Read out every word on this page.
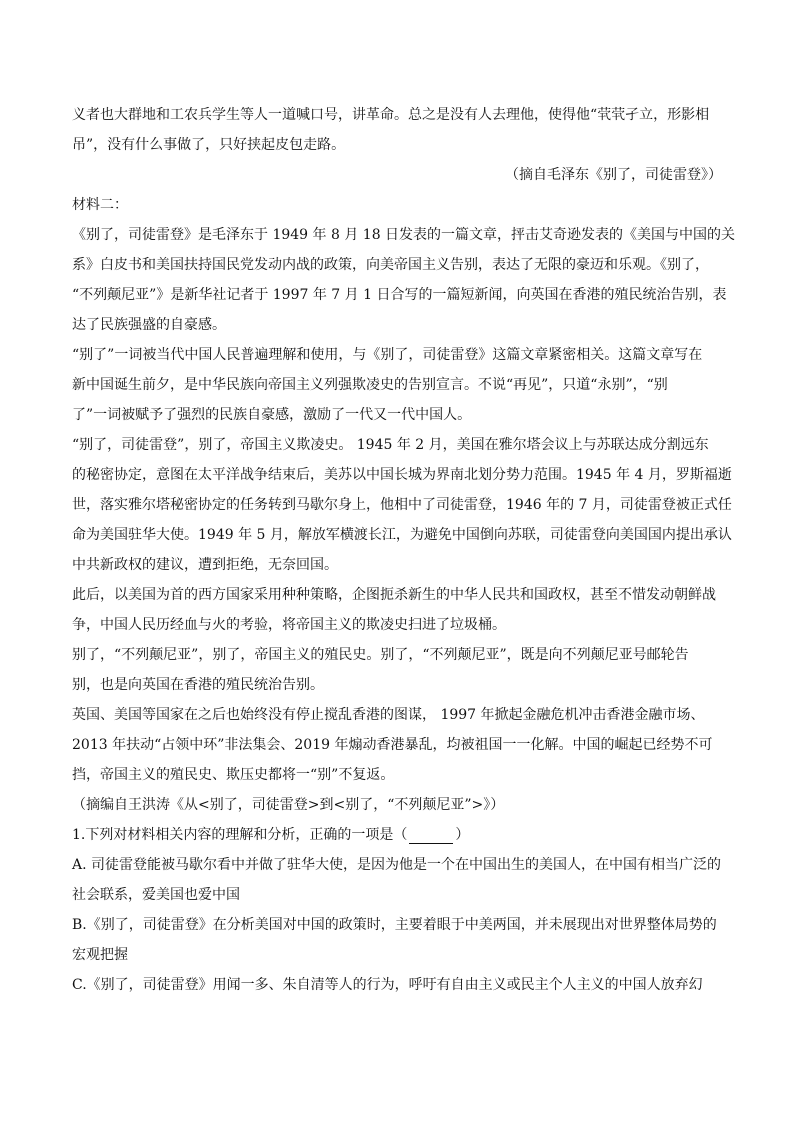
义者也大群地和工农兵学生等人一道喊口号，讲革命。总之是没有人去理他，使得他“茕茕孑立，形影相
吊”，没有什么事做了，只好挟起皮包走路。
（摘自毛泽东《别了，司徒雷登》）
材料二：
《别了，司徒雷登》是毛泽东于 1949 年 8 月 18 日发表的一篇文章，抨击艾奇逊发表的《美国与中国的关
系》白皮书和美国扶持国民党发动内战的政策，向美帝国主义告别，表达了无限的豪迈和乐观。《别了，
“不列颠尼亚”》是新华社记者于 1997 年 7 月 1 日合写的一篇短新闻，向英国在香港的殖民统治告别，表
达了民族强盛的自豪感。
“别了”一词被当代中国人民普遍理解和使用，与《别了，司徒雷登》这篇文章紧密相关。这篇文章写在
新中国诞生前夕，是中华民族向帝国主义列强欺凌史的告别宣言。不说“再见”，只道“永别”，“别
了”一词被赋予了强烈的民族自豪感，激励了一代又一代中国人。
“别了，司徒雷登”，别了，帝国主义欺凌史。 1945 年 2 月，美国在雅尔塔会议上与苏联达成分割远东
的秘密协定，意图在太平洋战争结束后，美苏以中国长城为界南北划分势力范围。1945 年 4 月，罗斯福逝
世，落实雅尔塔秘密协定的任务转到马歇尔身上，他相中了司徒雷登，1946 年的 7 月，司徒雷登被正式任
命为美国驻华大使。1949 年 5 月，解放军横渡长江，为避免中国倒向苏联，司徒雷登向美国国内提出承认
中共新政权的建议，遭到拒绝，无奈回国。
此后，以美国为首的西方国家采用种种策略，企图扼杀新生的中华人民共和国政权，甚至不惜发动朝鲜战
争，中国人民历经血与火的考验，将帝国主义的欺凌史扫进了垃圾桶。
别了，“不列颠尼亚”，别了，帝国主义的殖民史。别了，“不列颠尼亚”，既是向不列颠尼亚号邮轮告
别，也是向英国在香港的殖民统治告别。
英国、美国等国家在之后也始终没有停止搅乱香港的图谋， 1997 年掀起金融危机冲击香港金融市场、
2013 年扶动“占领中环”非法集会、2019 年煽动香港暴乱，均被祖国一一化解。中国的崛起已经势不可
挡，帝国主义的殖民史、欺压史都将一“别”不复返。
（摘编自王洪涛《从<别了，司徒雷登>到<别了，“不列颠尼亚”>》）
1.下列对材料相关内容的理解和分析，正确的一项是（	）
A. 司徒雷登能被马歇尔看中并做了驻华大使，是因为他是一个在中国出生的美国人，在中国有相当广泛的
社会联系，爱美国也爱中国
B.《别了，司徒雷登》在分析美国对中国的政策时，主要着眼于中美两国，并未展现出对世界整体局势的
宏观把握
C.《别了，司徒雷登》用闻一多、朱自清等人的行为，呼吁有自由主义或民主个人主义的中国人放弃幻
